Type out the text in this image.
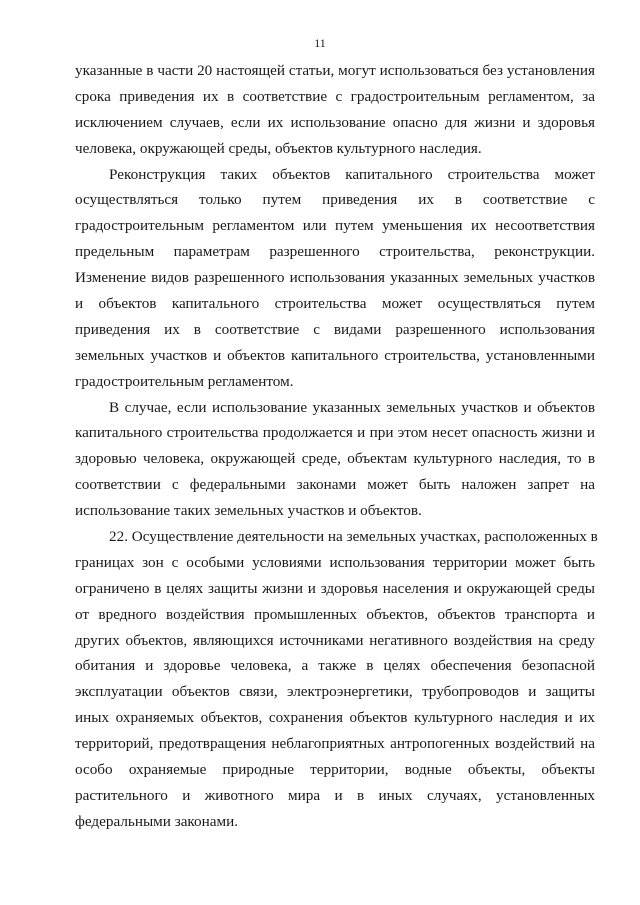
11
указанные в части 20 настоящей статьи, могут использоваться без установления
срока приведения их в соответствие с градостроительным регламентом, за
исключением случаев, если их использование опасно для жизни и здоровья
человека, окружающей среды, объектов культурного наследия.
Реконструкция таких объектов капитального строительства может
осуществляться только путем приведения их в соответствие с
градостроительным регламентом или путем уменьшения их несоответствия
предельным параметрам разрешенного строительства, реконструкции.
Изменение видов разрешенного использования указанных земельных участков
и объектов капитального строительства может осуществляться путем
приведения их в соответствие с видами разрешенного использования
земельных участков и объектов капитального строительства, установленными
градостроительным регламентом.
В случае, если использование указанных земельных участков и объектов
капитального строительства продолжается и при этом несет опасность жизни и
здоровью человека, окружающей среде, объектам культурного наследия, то в
соответствии с федеральными законами может быть наложен запрет на
использование таких земельных участков и объектов.
22. Осуществление деятельности на земельных участках, расположенных в
границах зон с особыми условиями использования территории может быть
ограничено в целях защиты жизни и здоровья населения и окружающей среды
от вредного воздействия промышленных объектов, объектов транспорта и
других объектов, являющихся источниками негативного воздействия на среду
обитания и здоровье человека, а также в целях обеспечения безопасной
эксплуатации объектов связи, электроэнергетики, трубопроводов и защиты
иных охраняемых объектов, сохранения объектов культурного наследия и их
территорий, предотвращения неблагоприятных антропогенных воздействий на
особо охраняемые природные территории, водные объекты, объекты
растительного и животного мира и в иных случаях, установленных
федеральными законами.
